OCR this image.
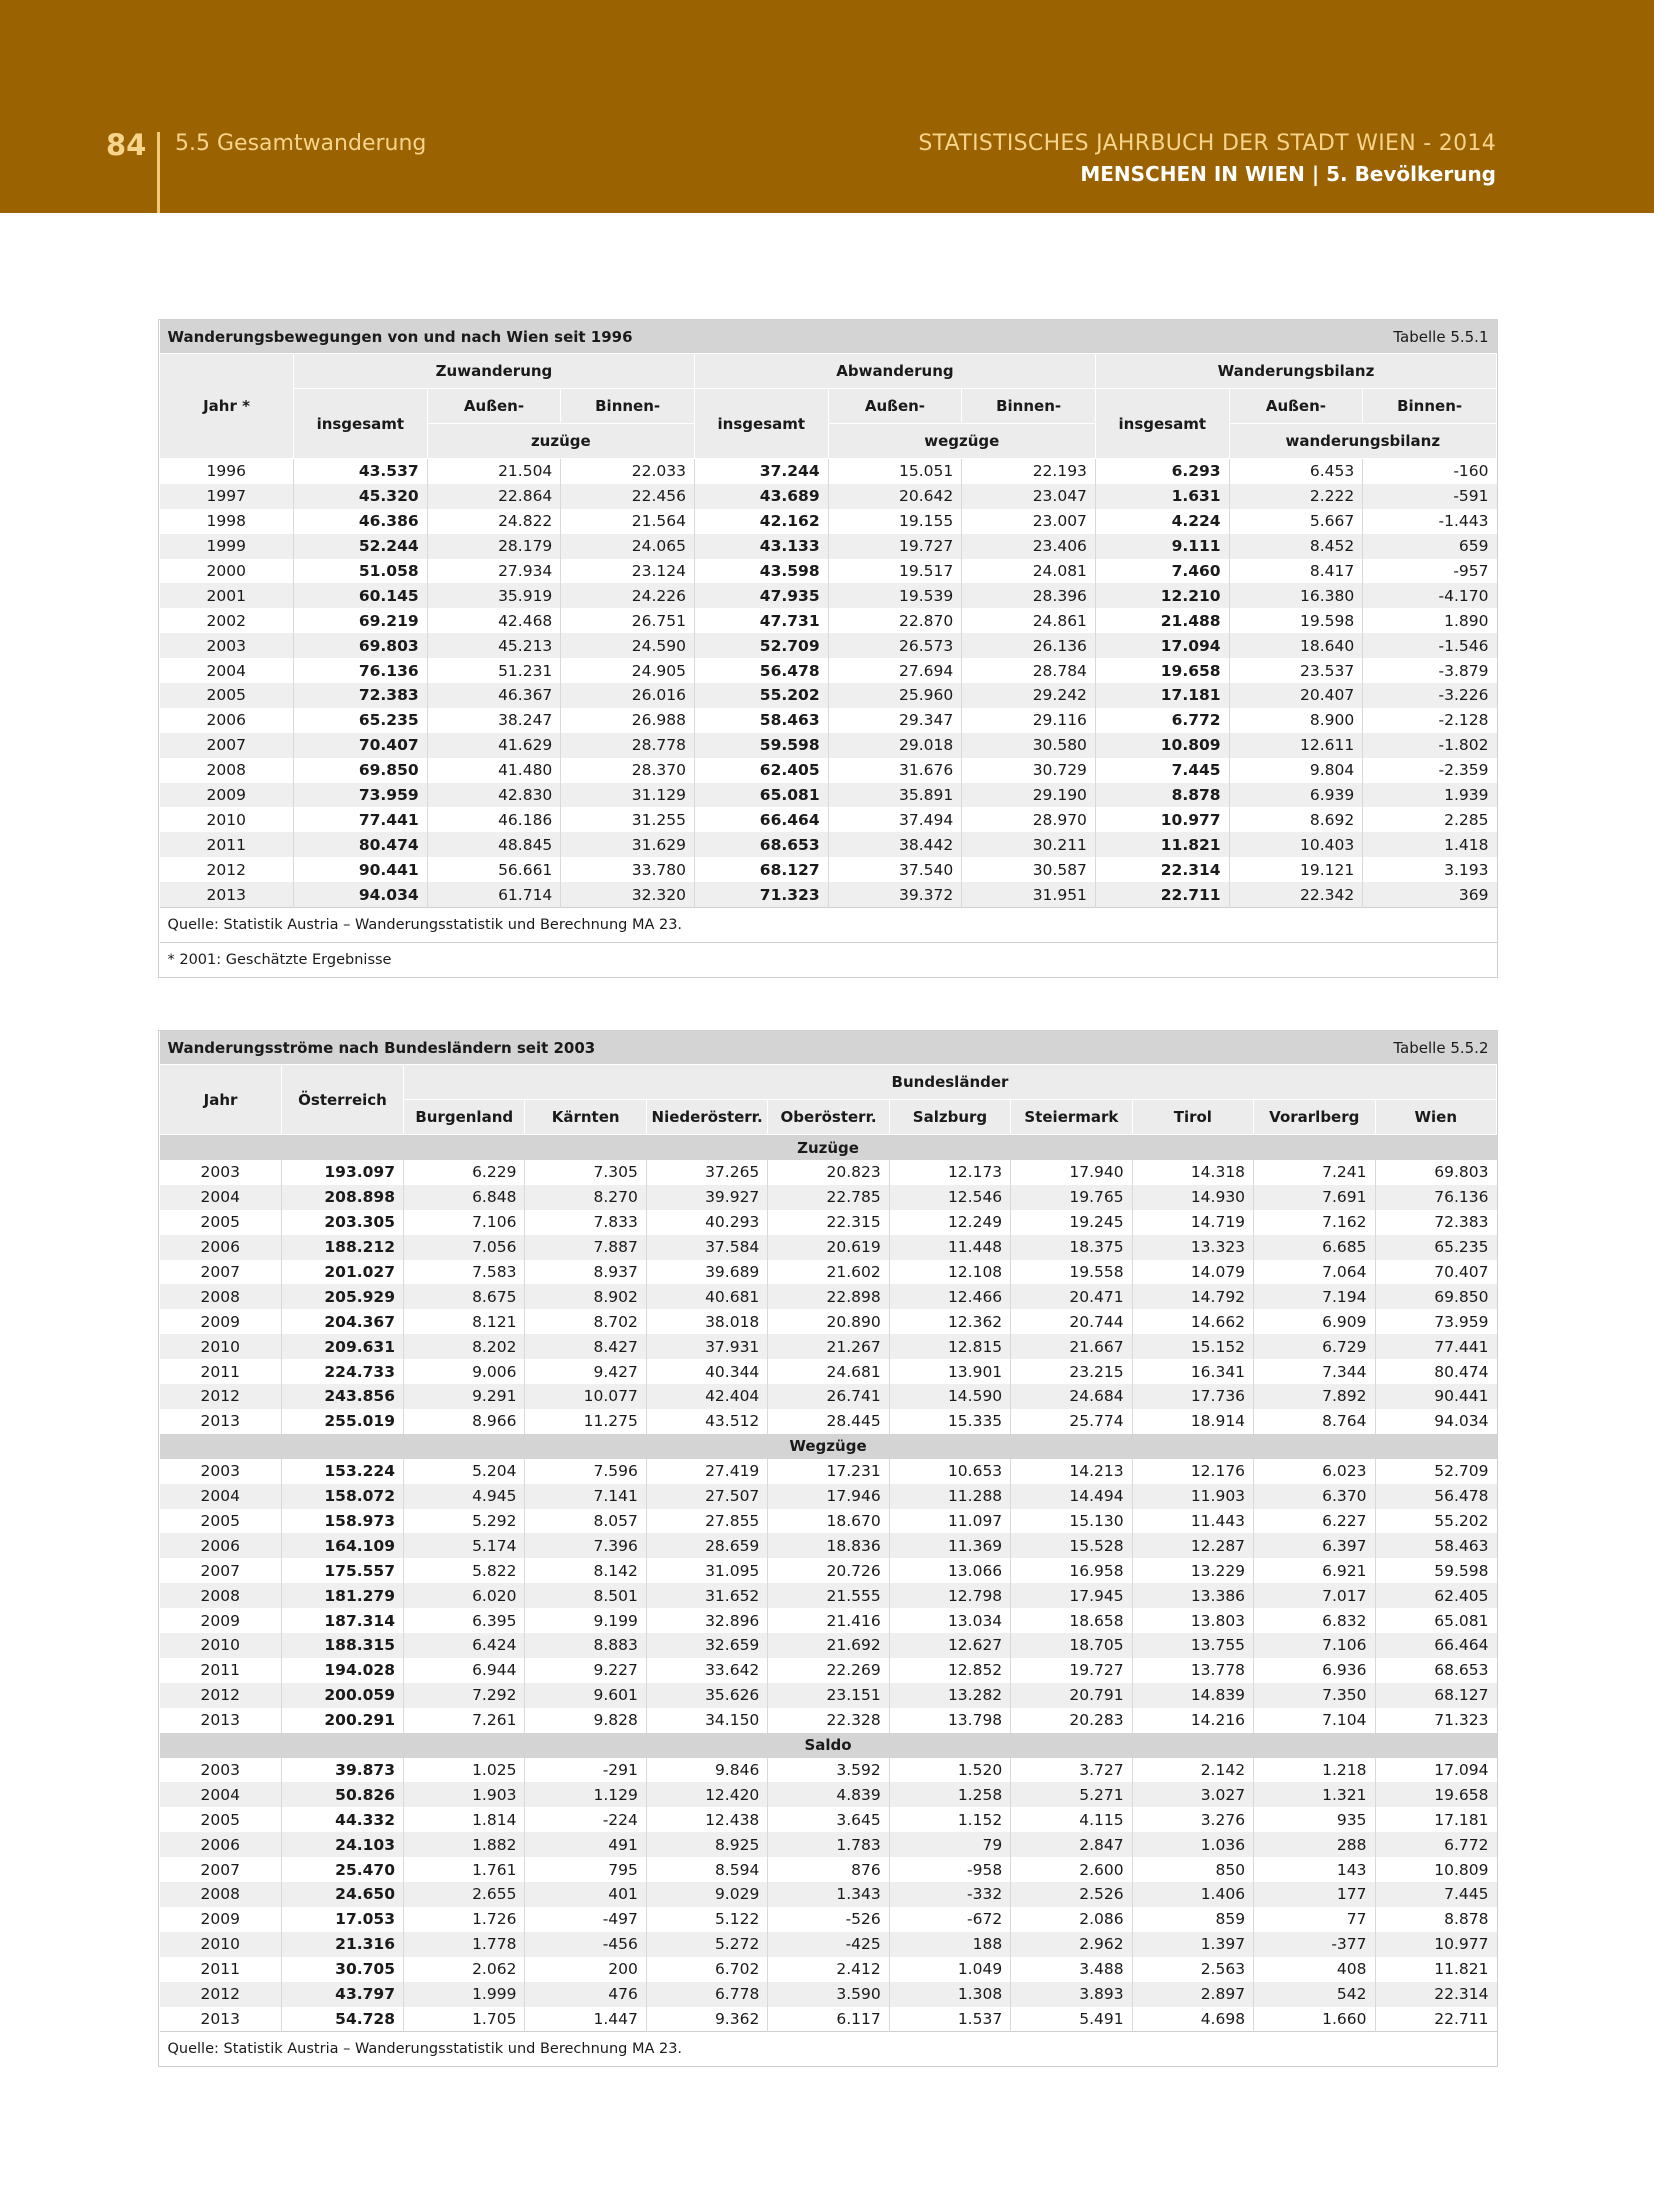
84 5.5 Gesamtwanderung	STATISTISCHES JAHRBUCH DER STADT WIEN - 2014
MENSCHEN IN WIEN | 5. Bevölkerung
Wanderungsbewegungen von und nach Wien seit 1996							Tabelle 5.5.1		
Jahr *	Zuwanderung			Abwanderung			Wanderungsbilanz		
	insgesamt	Außen-	Binnen-	insgesamt	Außen-	Binnen-	insgesamt	Außen-	Binnen-
		zuzüge			wegzüge			wanderungsbilanz	
1996	43.537	21.504	22.033	37.244	15.051	22.193	6.293	6.453	-160
1997	45.320	22.864	22.456	43.689	20.642	23.047	1.631	2.222	-591
1998	46.386	24.822	21.564	42.162	19.155	23.007	4.224	5.667	-1.443
1999	52.244	28.179	24.065	43.133	19.727	23.406	9.111	8.452	659
2000	51.058	27.934	23.124	43.598	19.517	24.081	7.460	8.417	-957
2001	60.145	35.919	24.226	47.935	19.539	28.396	12.210	16.380	-4.170
2002	69.219	42.468	26.751	47.731	22.870	24.861	21.488	19.598	1.890
2003	69.803	45.213	24.590	52.709	26.573	26.136	17.094	18.640	-1.546
2004	76.136	51.231	24.905	56.478	27.694	28.784	19.658	23.537	-3.879
2005	72.383	46.367	26.016	55.202	25.960	29.242	17.181	20.407	-3.226
2006	65.235	38.247	26.988	58.463	29.347	29.116	6.772	8.900	-2.128
2007	70.407	41.629	28.778	59.598	29.018	30.580	10.809	12.611	-1.802
2008	69.850	41.480	28.370	62.405	31.676	30.729	7.445	9.804	-2.359
2009	73.959	42.830	31.129	65.081	35.891	29.190	8.878	6.939	1.939
2010	77.441	46.186	31.255	66.464	37.494	28.970	10.977	8.692	2.285
2011	80.474	48.845	31.629	68.653	38.442	30.211	11.821	10.403	1.418
2012	90.441	56.661	33.780	68.127	37.540	30.587	22.314	19.121	3.193
2013	94.034	61.714	32.320	71.323	39.372	31.951	22.711	22.342	369
Quelle: Statistik Austria – Wanderungsstatistik und Berechnung MA 23.									
* 2001: Geschätzte Ergebnisse									
Wanderungsströme nach Bundesländern seit 2003								Tabelle 5.5.2		
Jahr	Österreich	Bundesländer								
		Burgenland	Kärnten	Niederösterr.	Oberösterr.	Salzburg	Steiermark	Tirol	Vorarlberg	Wien
Zuzüge										
2003	193.097	6.229	7.305	37.265	20.823	12.173	17.940	14.318	7.241	69.803
2004	208.898	6.848	8.270	39.927	22.785	12.546	19.765	14.930	7.691	76.136
2005	203.305	7.106	7.833	40.293	22.315	12.249	19.245	14.719	7.162	72.383
2006	188.212	7.056	7.887	37.584	20.619	11.448	18.375	13.323	6.685	65.235
2007	201.027	7.583	8.937	39.689	21.602	12.108	19.558	14.079	7.064	70.407
2008	205.929	8.675	8.902	40.681	22.898	12.466	20.471	14.792	7.194	69.850
2009	204.367	8.121	8.702	38.018	20.890	12.362	20.744	14.662	6.909	73.959
2010	209.631	8.202	8.427	37.931	21.267	12.815	21.667	15.152	6.729	77.441
2011	224.733	9.006	9.427	40.344	24.681	13.901	23.215	16.341	7.344	80.474
2012	243.856	9.291	10.077	42.404	26.741	14.590	24.684	17.736	7.892	90.441
2013	255.019	8.966	11.275	43.512	28.445	15.335	25.774	18.914	8.764	94.034
Wegzüge										
2003	153.224	5.204	7.596	27.419	17.231	10.653	14.213	12.176	6.023	52.709
2004	158.072	4.945	7.141	27.507	17.946	11.288	14.494	11.903	6.370	56.478
2005	158.973	5.292	8.057	27.855	18.670	11.097	15.130	11.443	6.227	55.202
2006	164.109	5.174	7.396	28.659	18.836	11.369	15.528	12.287	6.397	58.463
2007	175.557	5.822	8.142	31.095	20.726	13.066	16.958	13.229	6.921	59.598
2008	181.279	6.020	8.501	31.652	21.555	12.798	17.945	13.386	7.017	62.405
2009	187.314	6.395	9.199	32.896	21.416	13.034	18.658	13.803	6.832	65.081
2010	188.315	6.424	8.883	32.659	21.692	12.627	18.705	13.755	7.106	66.464
2011	194.028	6.944	9.227	33.642	22.269	12.852	19.727	13.778	6.936	68.653
2012	200.059	7.292	9.601	35.626	23.151	13.282	20.791	14.839	7.350	68.127
2013	200.291	7.261	9.828	34.150	22.328	13.798	20.283	14.216	7.104	71.323
Saldo										
2003	39.873	1.025	-291	9.846	3.592	1.520	3.727	2.142	1.218	17.094
2004	50.826	1.903	1.129	12.420	4.839	1.258	5.271	3.027	1.321	19.658
2005	44.332	1.814	-224	12.438	3.645	1.152	4.115	3.276	935	17.181
2006	24.103	1.882	491	8.925	1.783	79	2.847	1.036	288	6.772
2007	25.470	1.761	795	8.594	876	-958	2.600	850	143	10.809
2008	24.650	2.655	401	9.029	1.343	-332	2.526	1.406	177	7.445
2009	17.053	1.726	-497	5.122	-526	-672	2.086	859	77	8.878
2010	21.316	1.778	-456	5.272	-425	188	2.962	1.397	-377	10.977
2011	30.705	2.062	200	6.702	2.412	1.049	3.488	2.563	408	11.821
2012	43.797	1.999	476	6.778	3.590	1.308	3.893	2.897	542	22.314
2013	54.728	1.705	1.447	9.362	6.117	1.537	5.491	4.698	1.660	22.711
Quelle: Statistik Austria – Wanderungsstatistik und Berechnung MA 23.										
